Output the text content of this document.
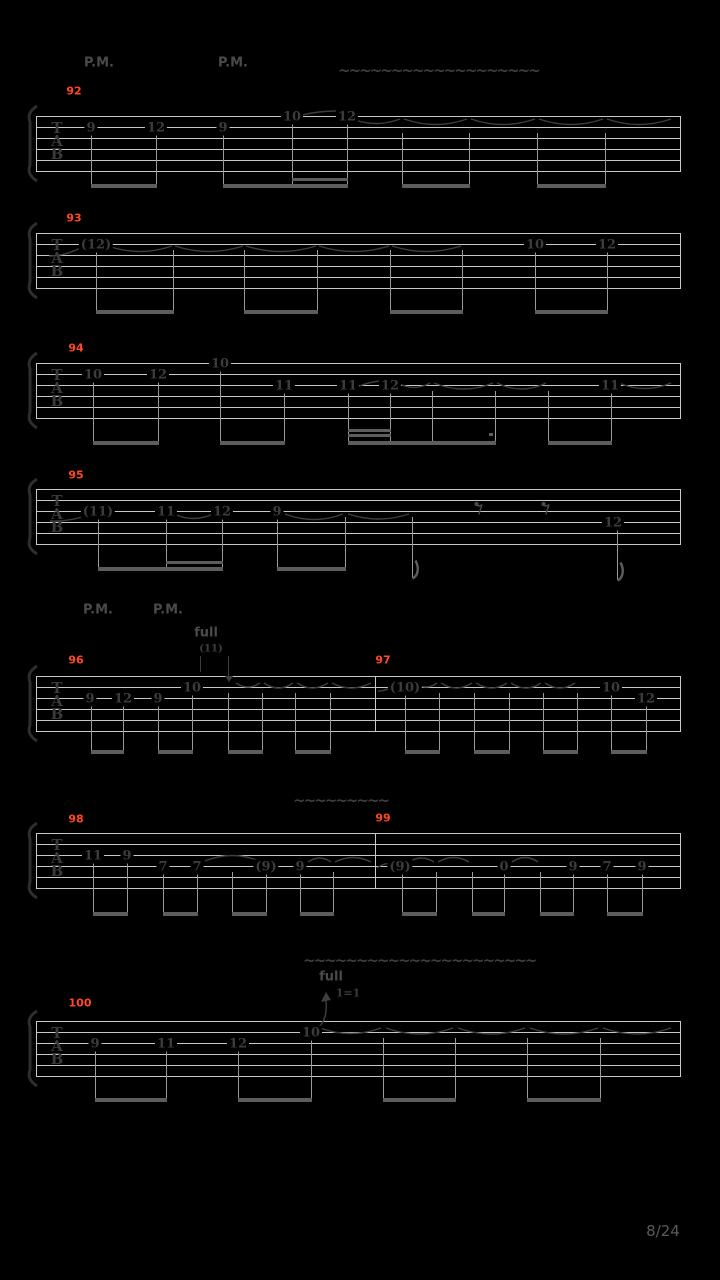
8/24
T
A
B
92
P.M.	P.M.	~~~~~~~~~~~~~~~~~~~
9	12	9
10	12
T
A
B
93
(12)	10	12
T
A
B
94
10	12
10
11	11 12	11
T
A
B
95
(11)	11	12	9
12
T
A
B
96	97
P.M.	P.M.
full
(11)
9 12 9
10	(10)	10
12
T
A
B
98	99
~~~~~~~~~
11 9
7 7	(9) 9	(9)	0	9 7 9
T
A
B
100
full
~~~~~~~~~~~~~~~~~~~~~~
1=1
9	11	12
10
